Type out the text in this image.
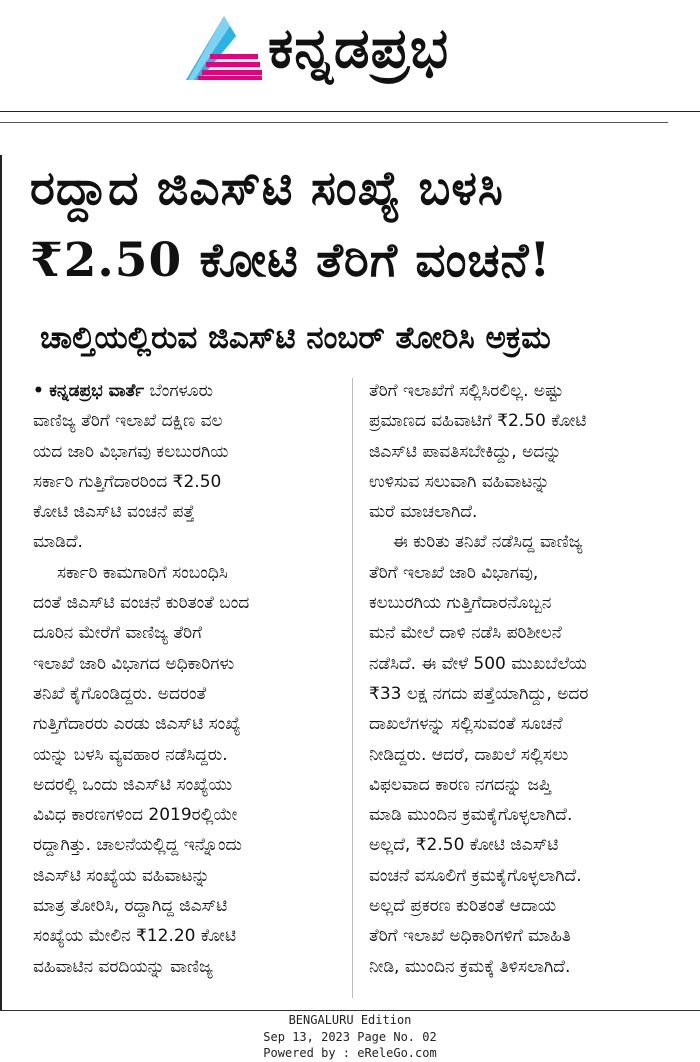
ಕನ್ನಡಪ್ರಭ
ರದ್ದಾದ ಜಿಎಸ್‌ಟಿ ಸಂಖ್ಯೆ ಬಳಸಿ
₹2.50 ಕೋಟಿ ತೆರಿಗೆ ವಂಚನೆ!
ಚಾಲ್ತಿಯಲ್ಲಿರುವ ಜಿಎಸ್‌ಟಿ ನಂಬರ್ ತೋರಿಸಿ ಅಕ್ರಮ
• ಕನ್ನಡಪ್ರಭ ವಾರ್ತೆ ಬೆಂಗಳೂರು
ವಾಣಿಜ್ಯ ತೆರಿಗೆ ಇಲಾಖೆ ದಕ್ಷಿಣ ವಲ
ಯದ ಜಾರಿ ವಿಭಾಗವು ಕಲಬುರಗಿಯ
ಸರ್ಕಾರಿ ಗುತ್ತಿಗೆದಾರರಿಂದ ₹2.50
ಕೋಟಿ ಜಿಎಸ್‌ಟಿ ವಂಚನೆ ಪತ್ತೆ
ಮಾಡಿದೆ.
ಸರ್ಕಾರಿ ಕಾಮಗಾರಿಗೆ ಸಂಬಂಧಿಸಿ
ದಂತೆ ಜಿಎಸ್‌ಟಿ ವಂಚನೆ ಕುರಿತಂತೆ ಬಂದ
ದೂರಿನ ಮೇರೆಗೆ ವಾಣಿಜ್ಯ ತೆರಿಗೆ
ಇಲಾಖೆ ಜಾರಿ ವಿಭಾಗದ ಅಧಿಕಾರಿಗಳು
ತನಿಖೆ ಕೈಗೊಂಡಿದ್ದರು. ಅದರಂತೆ
ಗುತ್ತಿಗೆದಾರರು ಎರಡು ಜಿಎಸ್‌ಟಿ ಸಂಖ್ಯೆ
ಯನ್ನು ಬಳಸಿ ವ್ಯವಹಾರ ನಡೆಸಿದ್ದರು.
ಅದರಲ್ಲಿ ಒಂದು ಜಿಎಸ್‌ಟಿ ಸಂಖ್ಯೆಯು
ವಿವಿಧ ಕಾರಣಗಳಿಂದ 2019ರಲ್ಲಿಯೇ
ರದ್ದಾಗಿತ್ತು. ಚಾಲನೆಯಲ್ಲಿದ್ದ ಇನ್ನೊಂದು
ಜಿಎಸ್‌ಟಿ ಸಂಖ್ಯೆಯ ವಹಿವಾಟನ್ನು
ಮಾತ್ರ ತೋರಿಸಿ, ರದ್ದಾಗಿದ್ದ ಜಿಎಸ್‌ಟಿ
ಸಂಖ್ಯೆಯ ಮೇಲಿನ ₹12.20 ಕೋಟಿ
ವಹಿವಾಟಿನ ವರದಿಯನ್ನು ವಾಣಿಜ್ಯ
ತೆರಿಗೆ ಇಲಾಖೆಗೆ ಸಲ್ಲಿಸಿರಲಿಲ್ಲ. ಅಷ್ಟು
ಪ್ರಮಾಣದ ವಹಿವಾಟಿಗೆ ₹2.50 ಕೋಟಿ
ಜಿಎಸ್‌ಟಿ ಪಾವತಿಸಬೇಕಿದ್ದು, ಅದನ್ನು
ಉಳಿಸುವ ಸಲುವಾಗಿ ವಹಿವಾಟನ್ನು
ಮರೆ ಮಾಚಲಾಗಿದೆ.
ಈ ಕುರಿತು ತನಿಖೆ ನಡೆಸಿದ್ದ ವಾಣಿಜ್ಯ
ತೆರಿಗೆ ಇಲಾಖೆ ಜಾರಿ ವಿಭಾಗವು,
ಕಲಬುರಗಿಯ ಗುತ್ತಿಗೆದಾರನೊಬ್ಬನ
ಮನೆ ಮೇಲೆ ದಾಳಿ ನಡೆಸಿ ಪರಿಶೀಲನೆ
ನಡೆಸಿದೆ. ಈ ವೇಳೆ 500 ಮುಖಬೆಲೆಯ
₹33 ಲಕ್ಷ ನಗದು ಪತ್ತೆಯಾಗಿದ್ದು, ಅದರ
ದಾಖಲೆಗಳನ್ನು ಸಲ್ಲಿಸುವಂತೆ ಸೂಚನೆ
ನೀಡಿದ್ದರು. ಆದರೆ, ದಾಖಲೆ ಸಲ್ಲಿಸಲು
ವಿಫಲವಾದ ಕಾರಣ ನಗದನ್ನು ಜಪ್ತಿ
ಮಾಡಿ ಮುಂದಿನ ಕ್ರಮಕೈಗೊಳ್ಳಲಾಗಿದೆ.
ಅಲ್ಲದೆ, ₹2.50 ಕೋಟಿ ಜಿಎಸ್‌ಟಿ
ವಂಚನೆ ವಸೂಲಿಗೆ ಕ್ರಮಕೈಗೊಳ್ಳಲಾಗಿದೆ.
ಅಲ್ಲದೆ ಪ್ರಕರಣ ಕುರಿತಂತೆ ಆದಾಯ
ತೆರಿಗೆ ಇಲಾಖೆ ಅಧಿಕಾರಿಗಳಿಗೆ ಮಾಹಿತಿ
ನೀಡಿ, ಮುಂದಿನ ಕ್ರಮಕ್ಕೆ ತಿಳಿಸಲಾಗಿದೆ.
BENGALURU Edition
Sep 13, 2023 Page No. 02
Powered by : eReleGo.com
